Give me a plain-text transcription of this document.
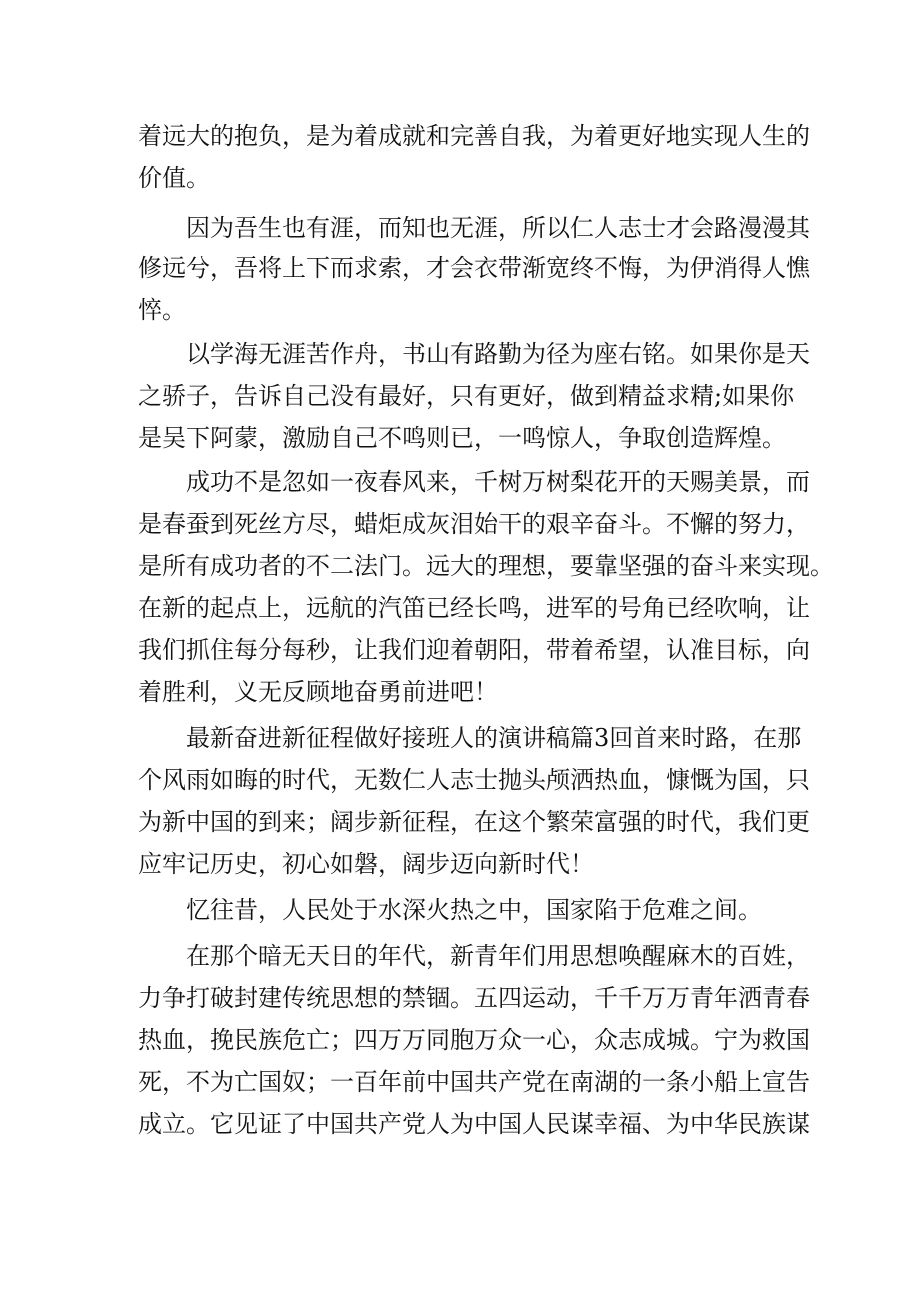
着远大的抱负，是为着成就和完善自我，为着更好地实现人生的
价值。
　　因为吾生也有涯，而知也无涯，所以仁人志士才会路漫漫其
修远兮，吾将上下而求索，才会衣带渐宽终不悔，为伊消得人憔
悴。
　　以学海无涯苦作舟，书山有路勤为径为座右铭。如果你是天
之骄子，告诉自己没有最好，只有更好，做到精益求精;如果你
是吴下阿蒙，激励自己不鸣则已，一鸣惊人，争取创造辉煌。
　　成功不是忽如一夜春风来，千树万树梨花开的天赐美景，而
是春蚕到死丝方尽，蜡炬成灰泪始干的艰辛奋斗。不懈的努力，
是所有成功者的不二法门。远大的理想，要靠坚强的奋斗来实现。
在新的起点上，远航的汽笛已经长鸣，进军的号角已经吹响，让
我们抓住每分每秒，让我们迎着朝阳，带着希望，认准目标，向
着胜利，义无反顾地奋勇前进吧！
　　最新奋进新征程做好接班人的演讲稿篇3回首来时路，在那
个风雨如晦的时代，无数仁人志士抛头颅洒热血，慷慨为国，只
为新中国的到来；阔步新征程，在这个繁荣富强的时代，我们更
应牢记历史，初心如磐，阔步迈向新时代！
　　忆往昔，人民处于水深火热之中，国家陷于危难之间。
　　在那个暗无天日的年代，新青年们用思想唤醒麻木的百姓，
力争打破封建传统思想的禁锢。五四运动，千千万万青年洒青春
热血，挽民族危亡；四万万同胞万众一心，众志成城。宁为救国
死，不为亡国奴；一百年前中国共产党在南湖的一条小船上宣告
成立。它见证了中国共产党人为中国人民谋幸福、为中华民族谋
